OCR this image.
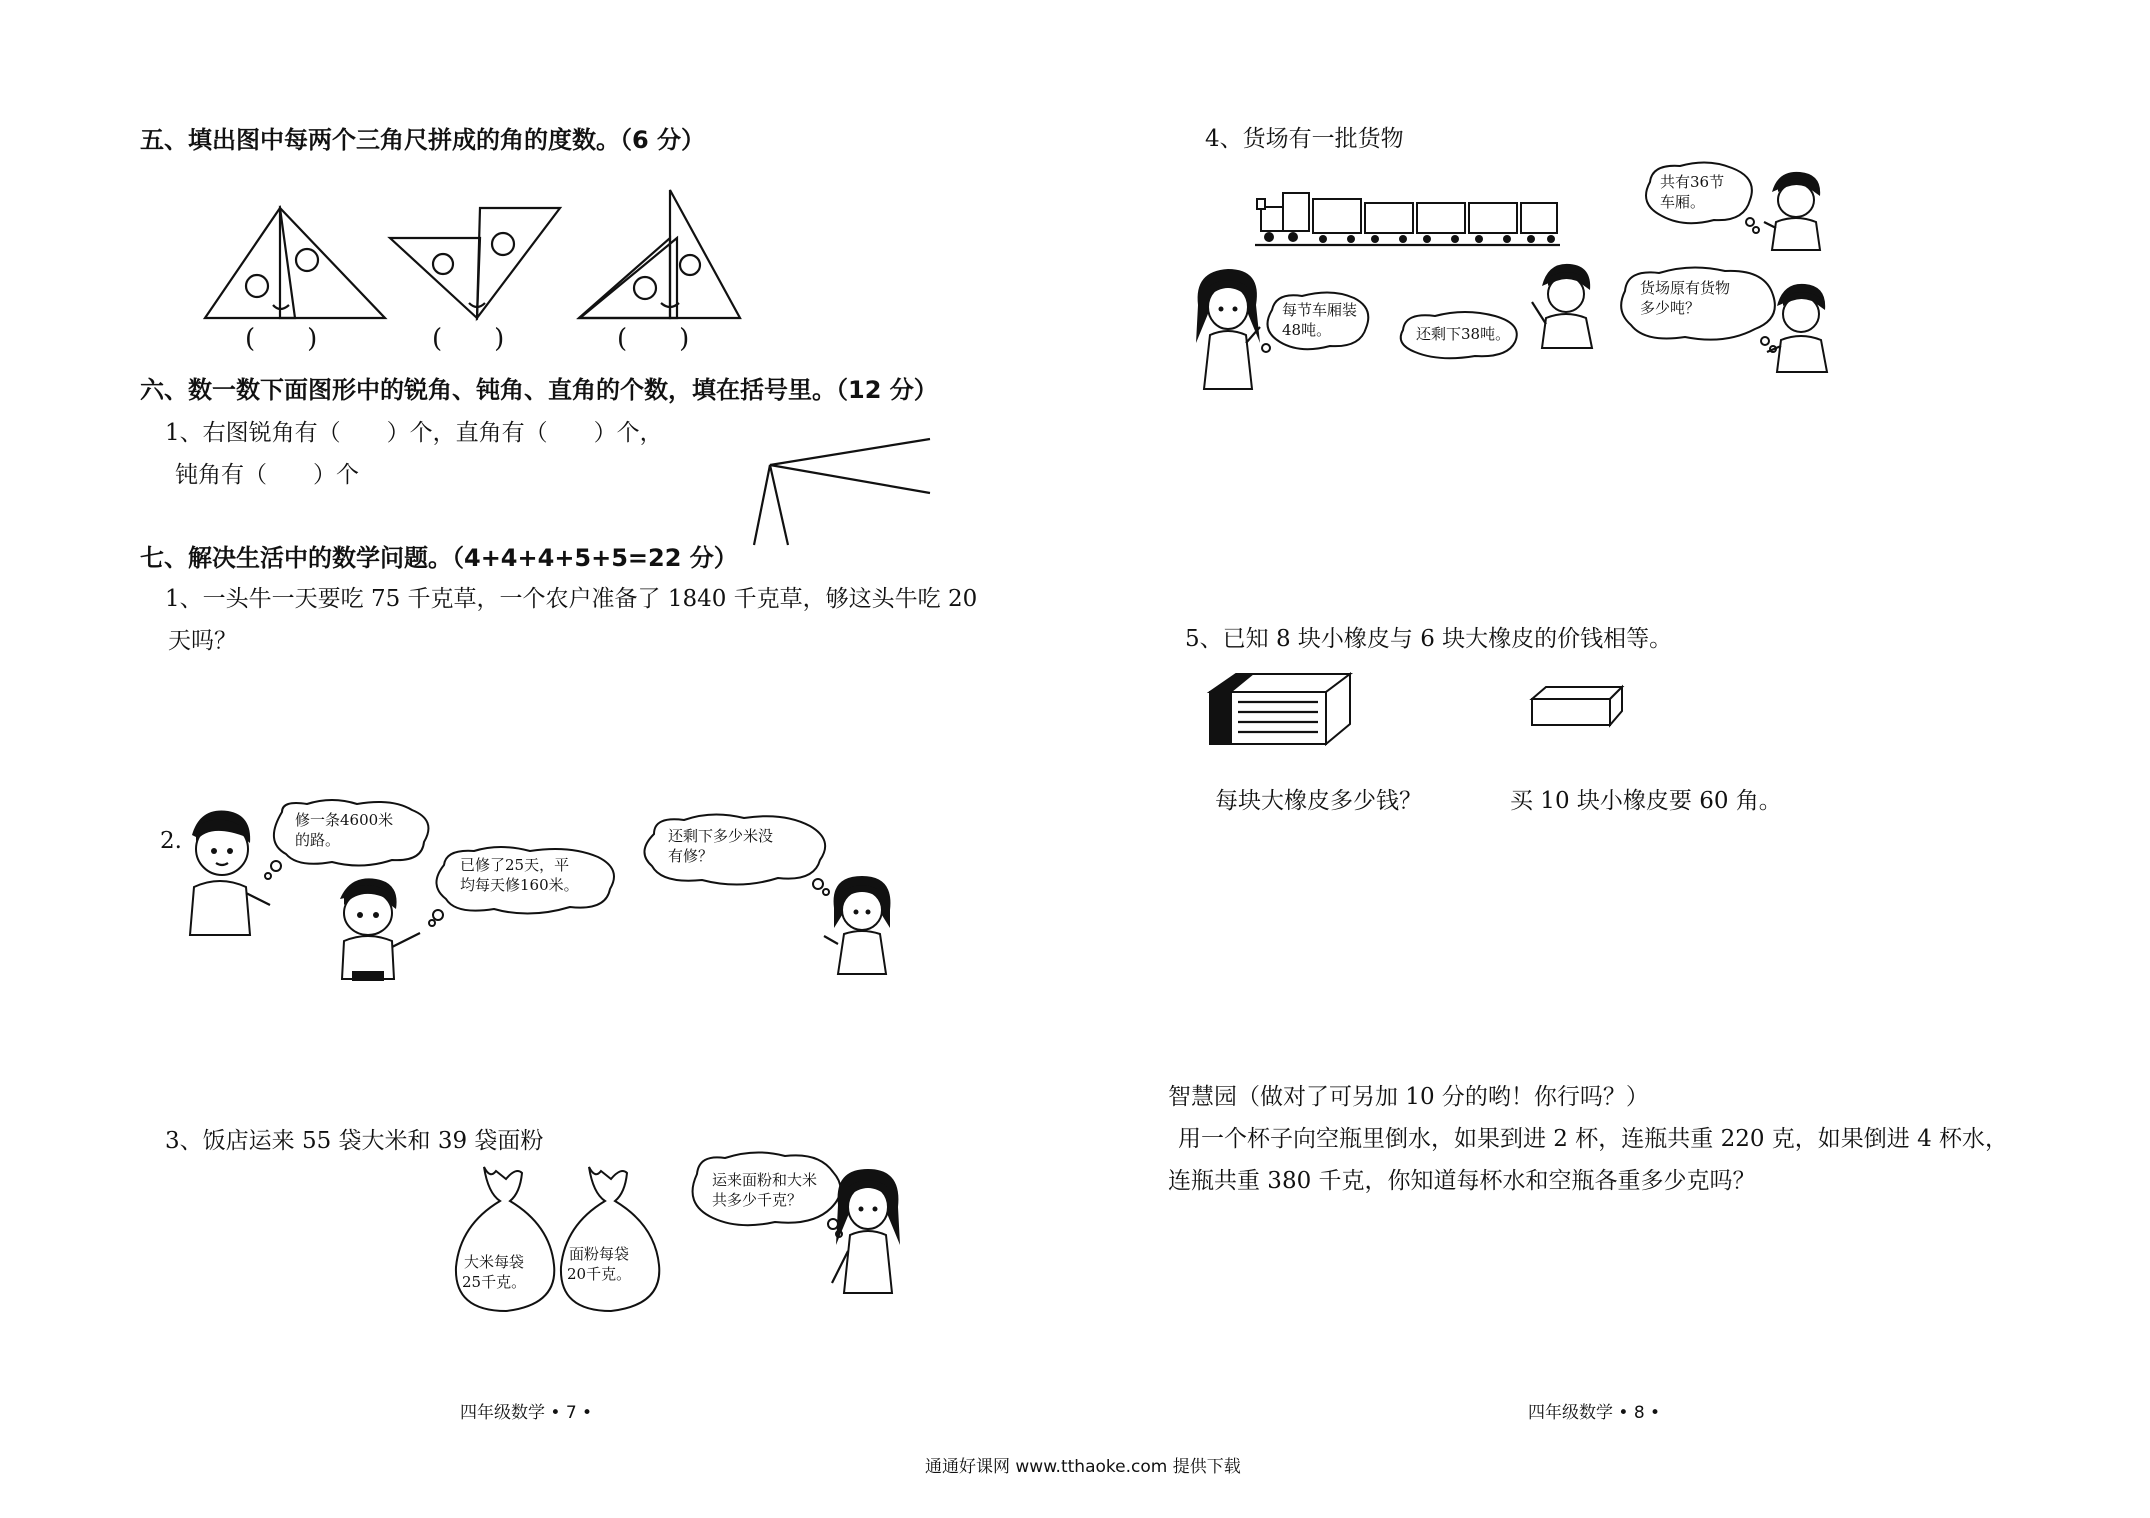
五、填出图中每两个三角尺拼成的角的度数。（6 分）
(　　)	(　　)	(　　)
六、数一数下面图形中的锐角、钝角、直角的个数，填在括号里。（12 分）
1、右图锐角有（　　）个，直角有（　　）个，
钝角有（　　）个
七、解决生活中的数学问题。（4+4+4+5+5=22 分）
1、一头牛一天要吃 75 千克草，一个农户准备了 1840 千克草，够这头牛吃 20
天吗？
2.
修一条4600米
的路。
已修了25天，平
均每天修160米。
还剩下多少米没
有修？
3、饭店运来 55 袋大米和 39 袋面粉
大米每袋
25千克。
面粉每袋
20千克。
运来面粉和大米
共多少千克？
四年级数学 • 7 •
4、货场有一批货物
共有36节
车厢。
每节车厢装
48吨。	还剩下38吨。
货场原有货物
多少吨？
5、已知 8 块小橡皮与 6 块大橡皮的价钱相等。
每块大橡皮多少钱？	买 10 块小橡皮要 60 角。
智慧园（做对了可另加 10 分的哟！你行吗？）
用一个杯子向空瓶里倒水，如果到进 2 杯，连瓶共重 220 克，如果倒进 4 杯水，
连瓶共重 380 千克，你知道每杯水和空瓶各重多少克吗？
四年级数学 • 8 •
通通好课网 www.tthaoke.com 提供下载
